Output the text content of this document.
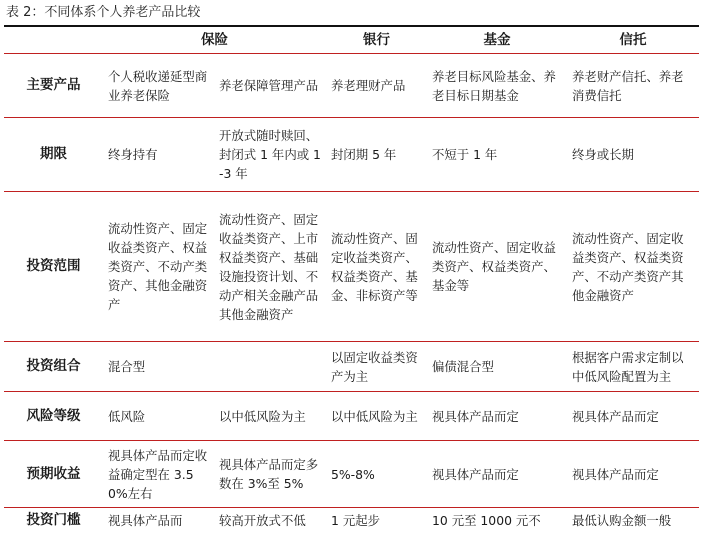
表 2：不同体系个人养老产品比较
	保险		银行	基金	信托
主要产品	个人税收递延型商业养老保险	养老保障管理产品	养老理财产品	养老目标风险基金、养老目标日期基金	养老财产信托、养老消费信托
期限	终身持有	开放式随时赎回、封闭式 1 年内或 1-3 年	封闭期 5 年	不短于 1 年	终身或长期
投资范围	流动性资产、固定收益类资产、权益类资产、不动产类资产、其他金融资产	流动性资产、固定收益类资产、上市权益类资产、基础设施投资计划、不动产相关金融产品其他金融资产	流动性资产、固定收益类资产、权益类资产、基金、非标资产等	流动性资产、固定收益类资产、权益类资产、基金等	流动性资产、固定收益类资产、权益类资产、不动产类资产其他金融资产
投资组合	混合型		以固定收益类资产为主	偏债混合型	根据客户需求定制以中低风险配置为主
风险等级	低风险	以中低风险为主	以中低风险为主	视具体产品而定	视具体产品而定
预期收益	视具体产品而定收益确定型在 3.50%左右	视具体产品而定多数在 3%至 5%	5%-8%	视具体产品而定	视具体产品而定
投资门槛	视具体产品而	较高开放式不低	1 元起步	10 元至 1000 元不	最低认购金额一般
